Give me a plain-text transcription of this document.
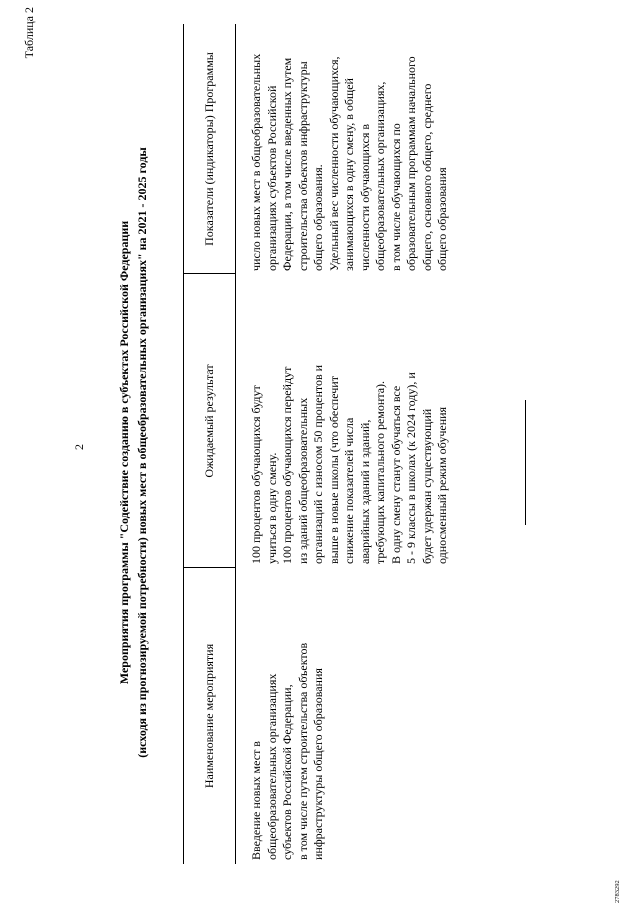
Таблица 2
2	Мероприятия программы "Содействие созданию в субъектах Российской Федерации (исходя из прогнозируемой потребности) новых мест в общеобразовательных организациях" на 2021 - 2025 годы	Наименование мероприятия
Ожидаемый результат
Показатели (индикаторы) Программы
Введение новых мест в общеобразовательных организациях субъектов Российской Федерации, в том числе путем строительства объектов инфраструктуры общего образования
100 процентов обучающихся будут учиться в одну смену. 100 процентов обучающихся перейдут из зданий общеобразовательных организаций с износом 50 процентов и выше в новые школы (что обеспечит снижение показателей числа аварийных зданий и зданий, требующих капитального ремонта). В одну смену станут обучаться все 5 - 9 классы в школах (к 2024 году), и будет удержан существующий односменный режим обучения
число новых мест в общеобразовательных организациях субъектов Российской Федерации, в том числе введенных путем строительства объектов инфраструктуры общего образования. Удельный вес численности обучающихся, занимающихся в одну смену, в общей численности обучающихся в общеобразовательных организациях, в том числе обучающихся по образовательным программам начального общего, основного общего, среднего общего образования
2783292
